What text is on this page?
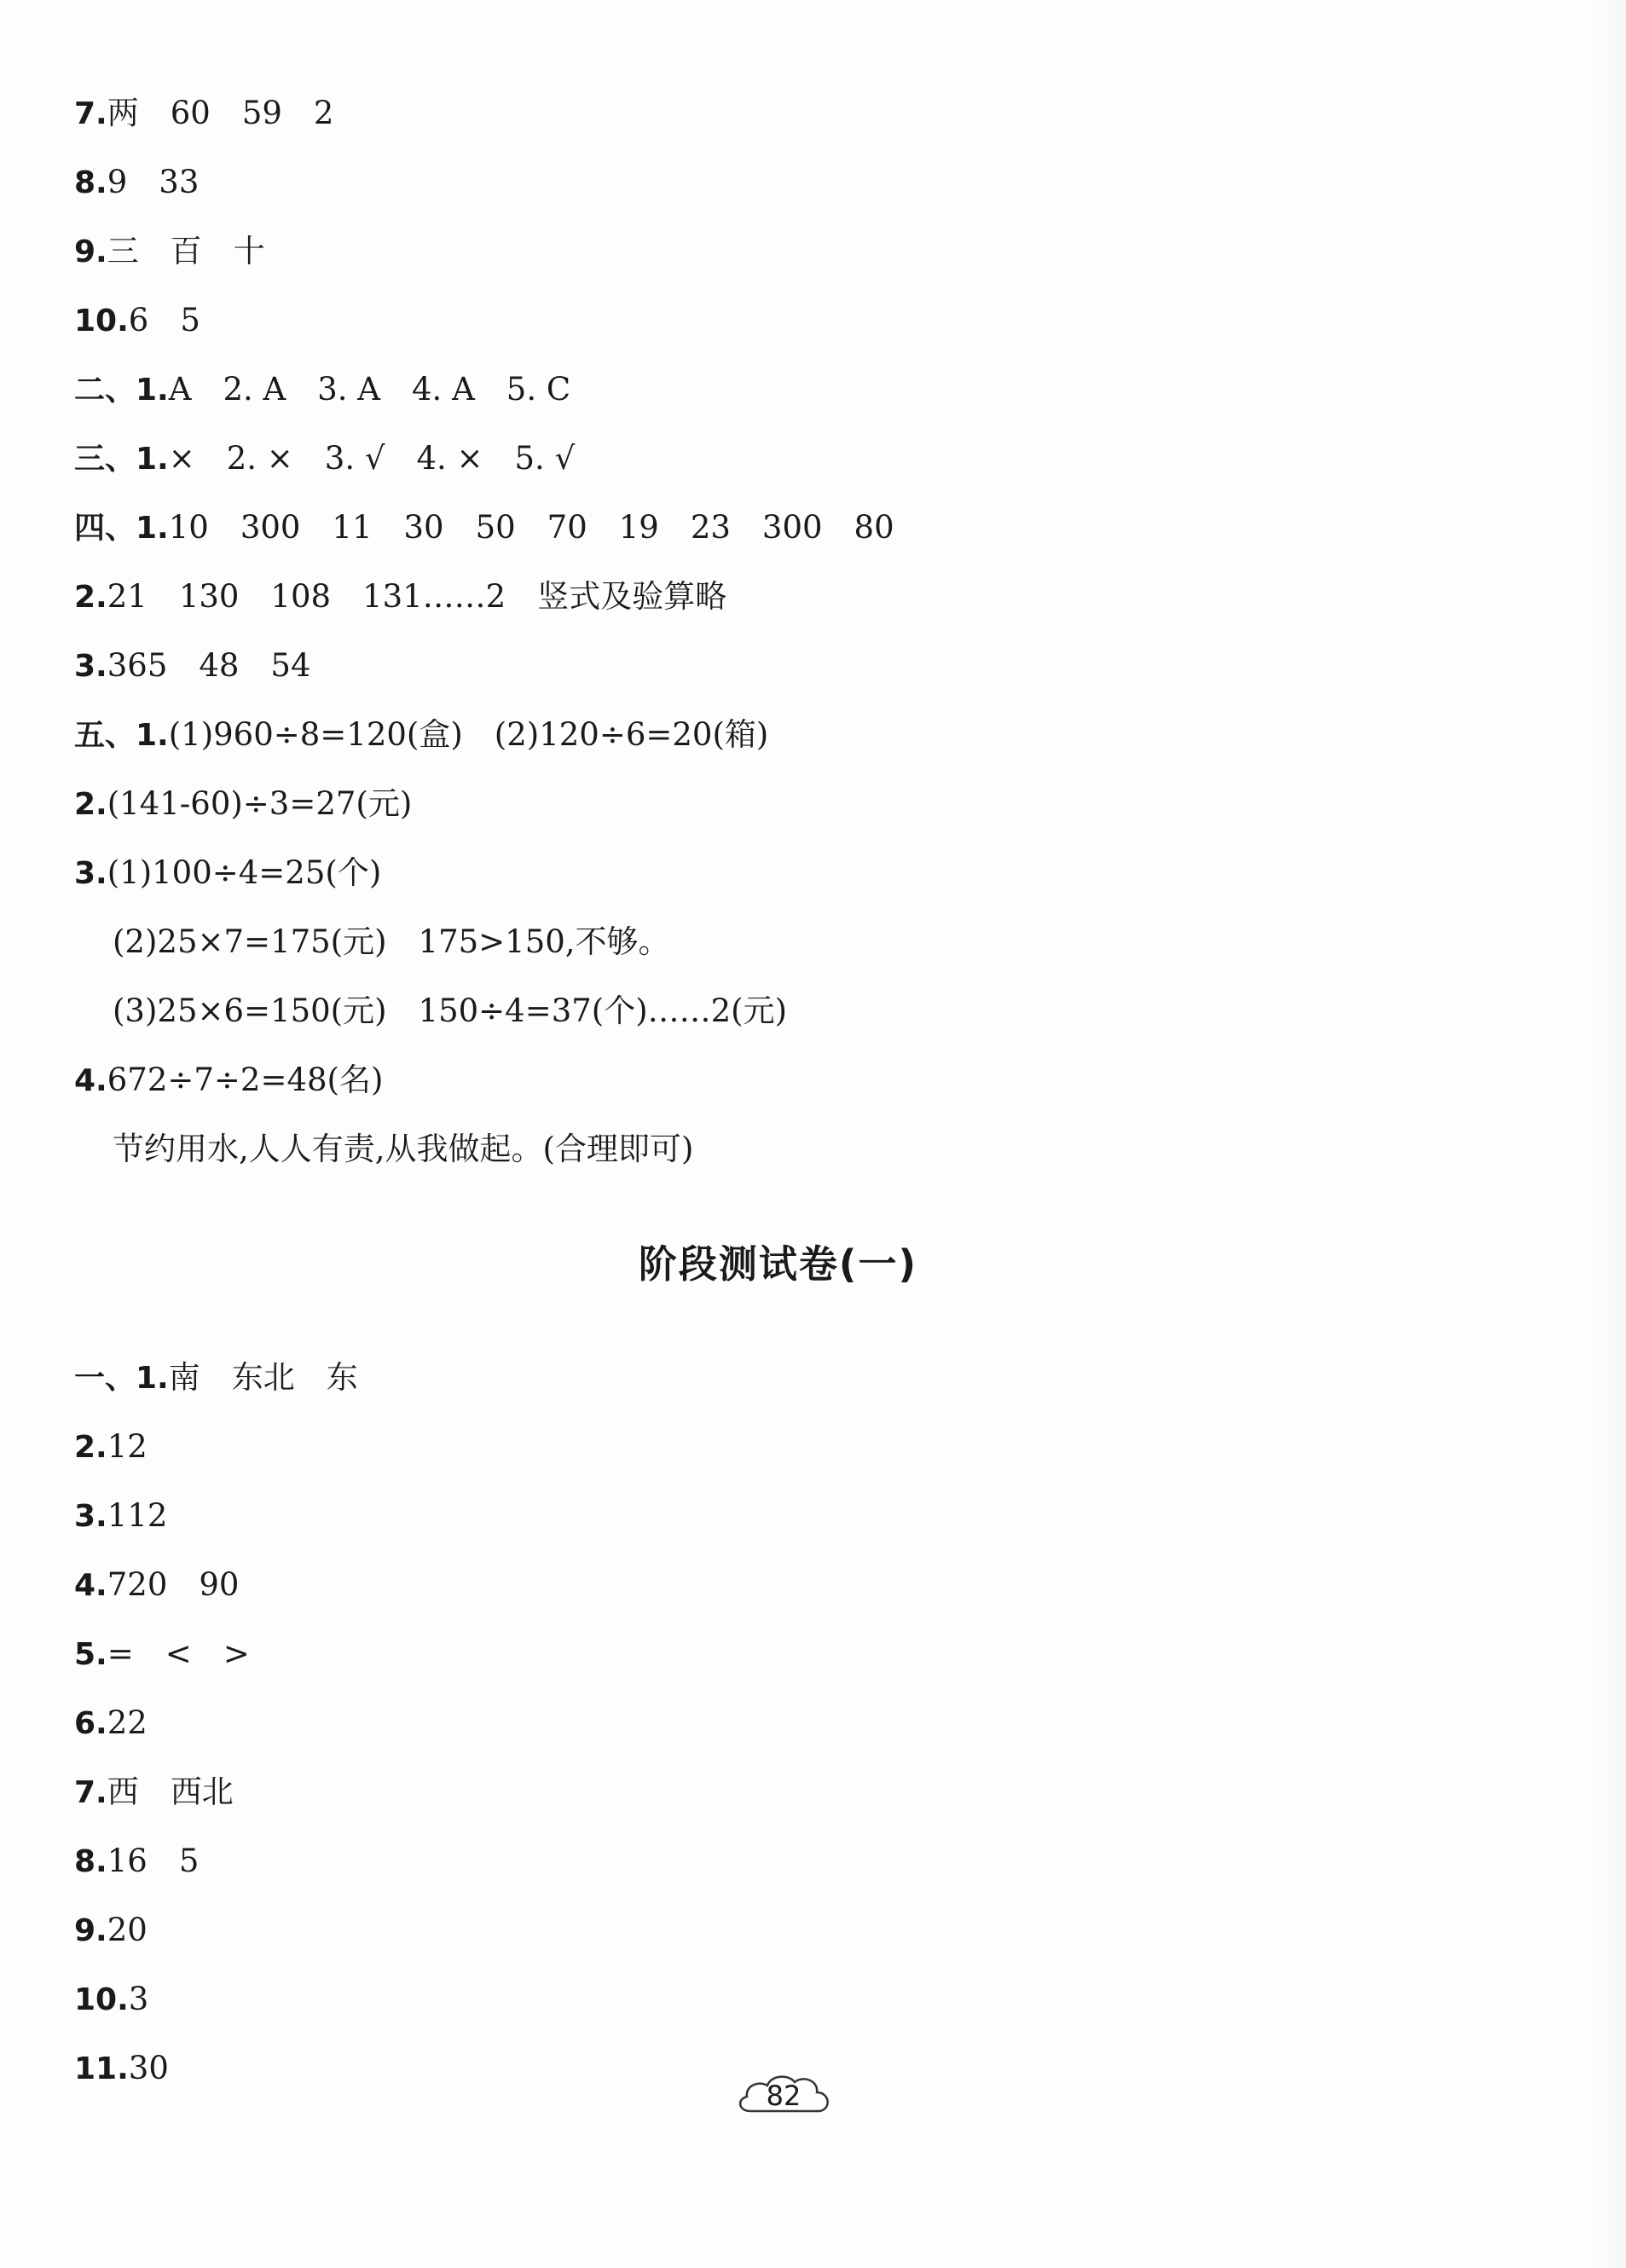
7.两　60　59　2
8.9　33
9.三　百　十
10.6　5
二、1.A　2. A　3. A　4. A　5. C
三、1.×　2. ×　3. √　4. ×　5. √
四、1.10　300　11　30　50　70　19　23　300　80
2.21　130　108　131……2　竖式及验算略
3.365　48　54
五、1.(1)960÷8=120(盒)　(2)120÷6=20(箱)
2.(141-60)÷3=27(元)
3.(1)100÷4=25(个)
(2)25×7=175(元)　175>150,不够。
(3)25×6=150(元)　150÷4=37(个)……2(元)
4.672÷7÷2=48(名)
节约用水,人人有责,从我做起。(合理即可)
阶段测试卷(一)
一、1.南　东北　东
2.12
3.112
4.720　90
5.=　<　>
6.22
7.西　西北
8.16　5
9.20
10.3
11.30
82
